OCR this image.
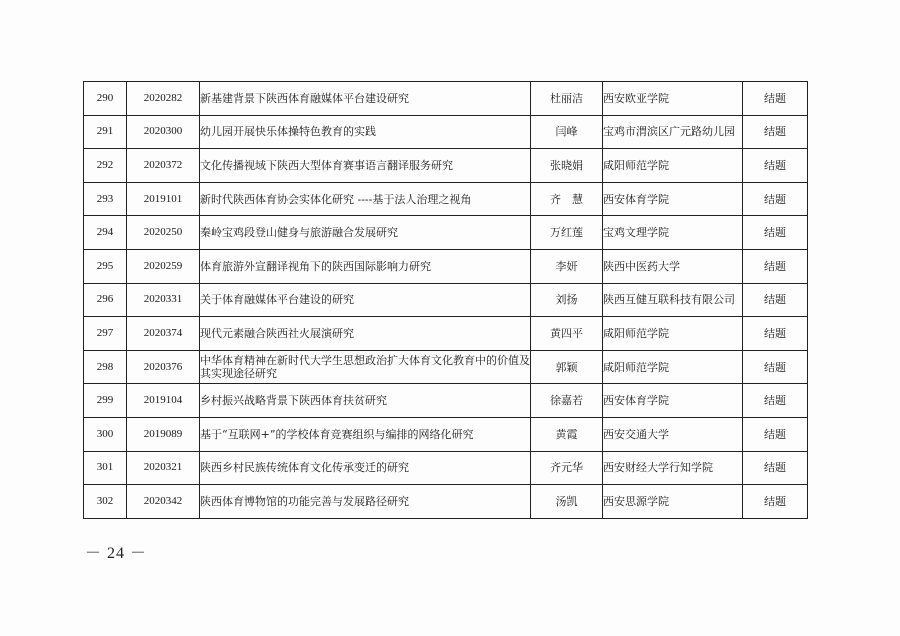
290	2020282	新基建背景下陕西体育融媒体平台建设研究	杜丽洁	西安欧亚学院	结题
291	2020300	幼儿园开展快乐体操特色教育的实践	闫峰	宝鸡市渭滨区广元路幼儿园	结题
292	2020372	文化传播视域下陕西大型体育赛事语言翻译服务研究	张晓娟	咸阳师范学院	结题
293	2019101	新时代陕西体育协会实体化研究 ----基于法人治理之视角	齐　慧	西安体育学院	结题
294	2020250	秦岭宝鸡段登山健身与旅游融合发展研究	万红莲	宝鸡文理学院	结题
295	2020259	体育旅游外宣翻译视角下的陕西国际影响力研究	李妍	陕西中医药大学	结题
296	2020331	关于体育融媒体平台建设的研究	刘扬	陕西互健互联科技有限公司	结题
297	2020374	现代元素融合陕西社火展演研究	黄四平	咸阳师范学院	结题
298	2020376	中华体育精神在新时代大学生思想政治扩大体育文化教育中的价值及其实现途径研究	郭颖	咸阳师范学院	结题
299	2019104	乡村振兴战略背景下陕西体育扶贫研究	徐嘉若	西安体育学院	结题
300	2019089	基于“互联网+”的学校体育竞赛组织与编排的网络化研究	黄霞	西安交通大学	结题
301	2020321	陕西乡村民族传统体育文化传承变迁的研究	齐元华	西安财经大学行知学院	结题
302	2020342	陕西体育博物馆的功能完善与发展路径研究	汤凯	西安思源学院	结题
－ 24 －
